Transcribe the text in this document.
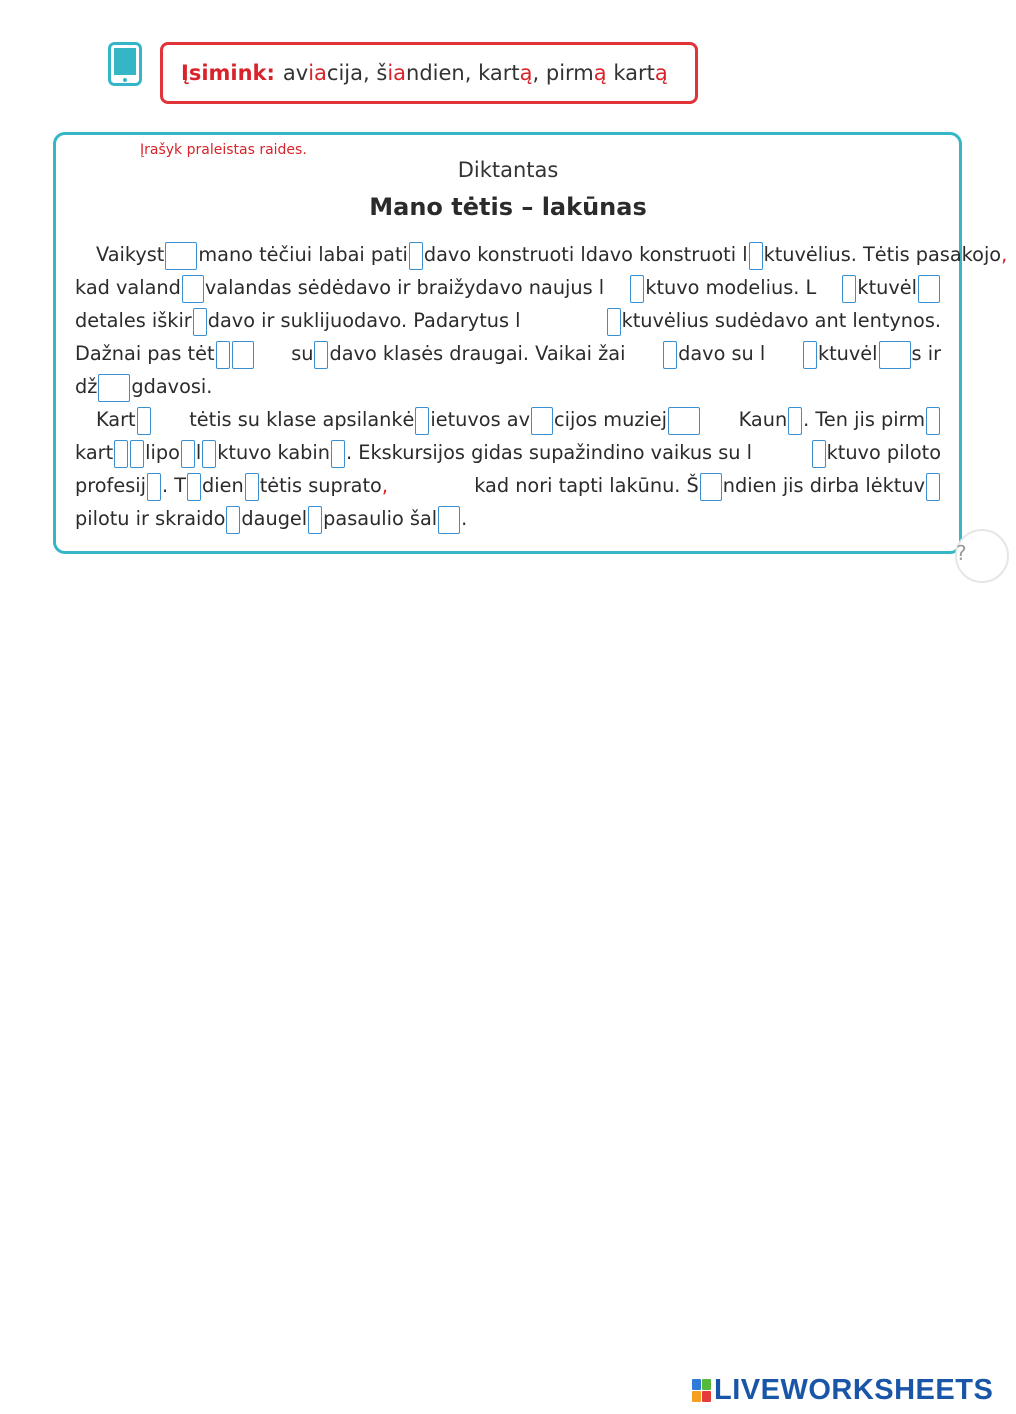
Įsimink: aviacija, šiandien, kartą, pirmą kartą
Įrašyk praleistas raides.
Diktantas
Mano tėtis – lakūnas
Vaikyst	mano tėčiui labai pati davo konstruoti l davo konstruoti l ktuvėlius. Tėtis pasakojo,
kad valand valandas sėdėdavo ir braižydavo naujus l	ktuvo modelius. L	ktuvėl
detales iškir davo ir suklijuodavo. Padarytus l	ktuvėlius sudėdavo ant lentynos.
Dažnai pas tėt	su davo klasės draugai. Vaikai žai	davo su l	ktuvėl s ir
dž gdavosi.
Kart	tėtis su klase apsilankė ietuvos av cijos muziej	Kaun . Ten jis pirm
kart lipo l ktuvo kabin . Ekskursijos gidas supažindino vaikus su l	ktuvo piloto
profesij . T dien tėtis suprato,	kad nori tapti lakūnu. Š ndien jis dirba lėktuv
pilotu ir skraido daugel pasaulio šal .
?
LIVEWORKSHEETS
